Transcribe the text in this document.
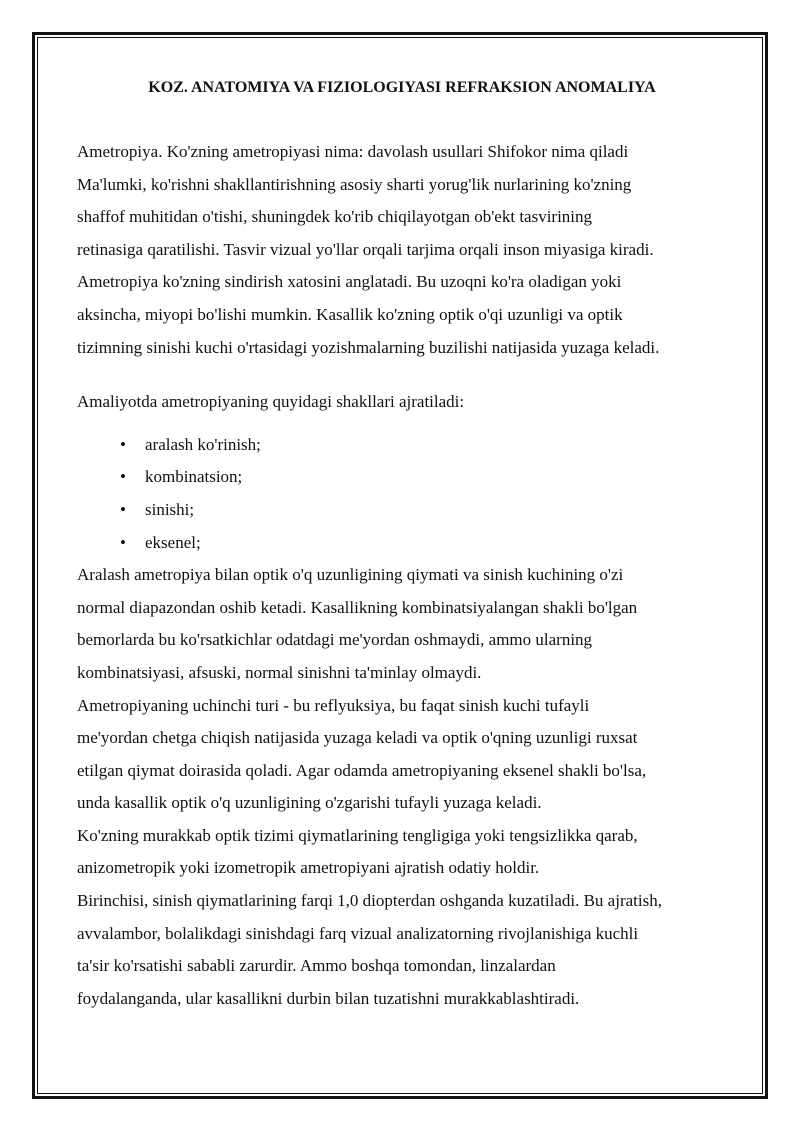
KOZ. ANATOMIYA VA FIZIOLOGIYASI REFRAKSION ANOMALIYA
Ametropiya. Ko'zning ametropiyasi nima: davolash usullari Shifokor nima qiladi
Ma'lumki, ko'rishni shakllantirishning asosiy sharti yorug'lik nurlarining ko'zning
shaffof muhitidan o'tishi, shuningdek ko'rib chiqilayotgan ob'ekt tasvirining
retinasiga qaratilishi. Tasvir vizual yo'llar orqali tarjima orqali inson miyasiga kiradi.
Ametropiya ko'zning sindirish xatosini anglatadi. Bu uzoqni ko'ra oladigan yoki
aksincha, miyopi bo'lishi mumkin. Kasallik ko'zning optik o'qi uzunligi va optik
tizimning sinishi kuchi o'rtasidagi yozishmalarning buzilishi natijasida yuzaga keladi.
Amaliyotda ametropiyaning quyidagi shakllari ajratiladi:
• aralash ko'rinish;
• kombinatsion;
• sinishi;
• eksenel;
Aralash ametropiya bilan optik o'q uzunligining qiymati va sinish kuchining o'zi
normal diapazondan oshib ketadi. Kasallikning kombinatsiyalangan shakli bo'lgan
bemorlarda bu ko'rsatkichlar odatdagi me'yordan oshmaydi, ammo ularning
kombinatsiyasi, afsuski, normal sinishni ta'minlay olmaydi.
Ametropiyaning uchinchi turi - bu reflyuksiya, bu faqat sinish kuchi tufayli
me'yordan chetga chiqish natijasida yuzaga keladi va optik o'qning uzunligi ruxsat
etilgan qiymat doirasida qoladi. Agar odamda ametropiyaning eksenel shakli bo'lsa,
unda kasallik optik o'q uzunligining o'zgarishi tufayli yuzaga keladi.
Ko'zning murakkab optik tizimi qiymatlarining tengligiga yoki tengsizlikka qarab,
anizometropik yoki izometropik ametropiyani ajratish odatiy holdir.
Birinchisi, sinish qiymatlarining farqi 1,0 diopterdan oshganda kuzatiladi. Bu ajratish,
avvalambor, bolalikdagi sinishdagi farq vizual analizatorning rivojlanishiga kuchli
ta'sir ko'rsatishi sababli zarurdir. Ammo boshqa tomondan, linzalardan
foydalanganda, ular kasallikni durbin bilan tuzatishni murakkablashtiradi.
